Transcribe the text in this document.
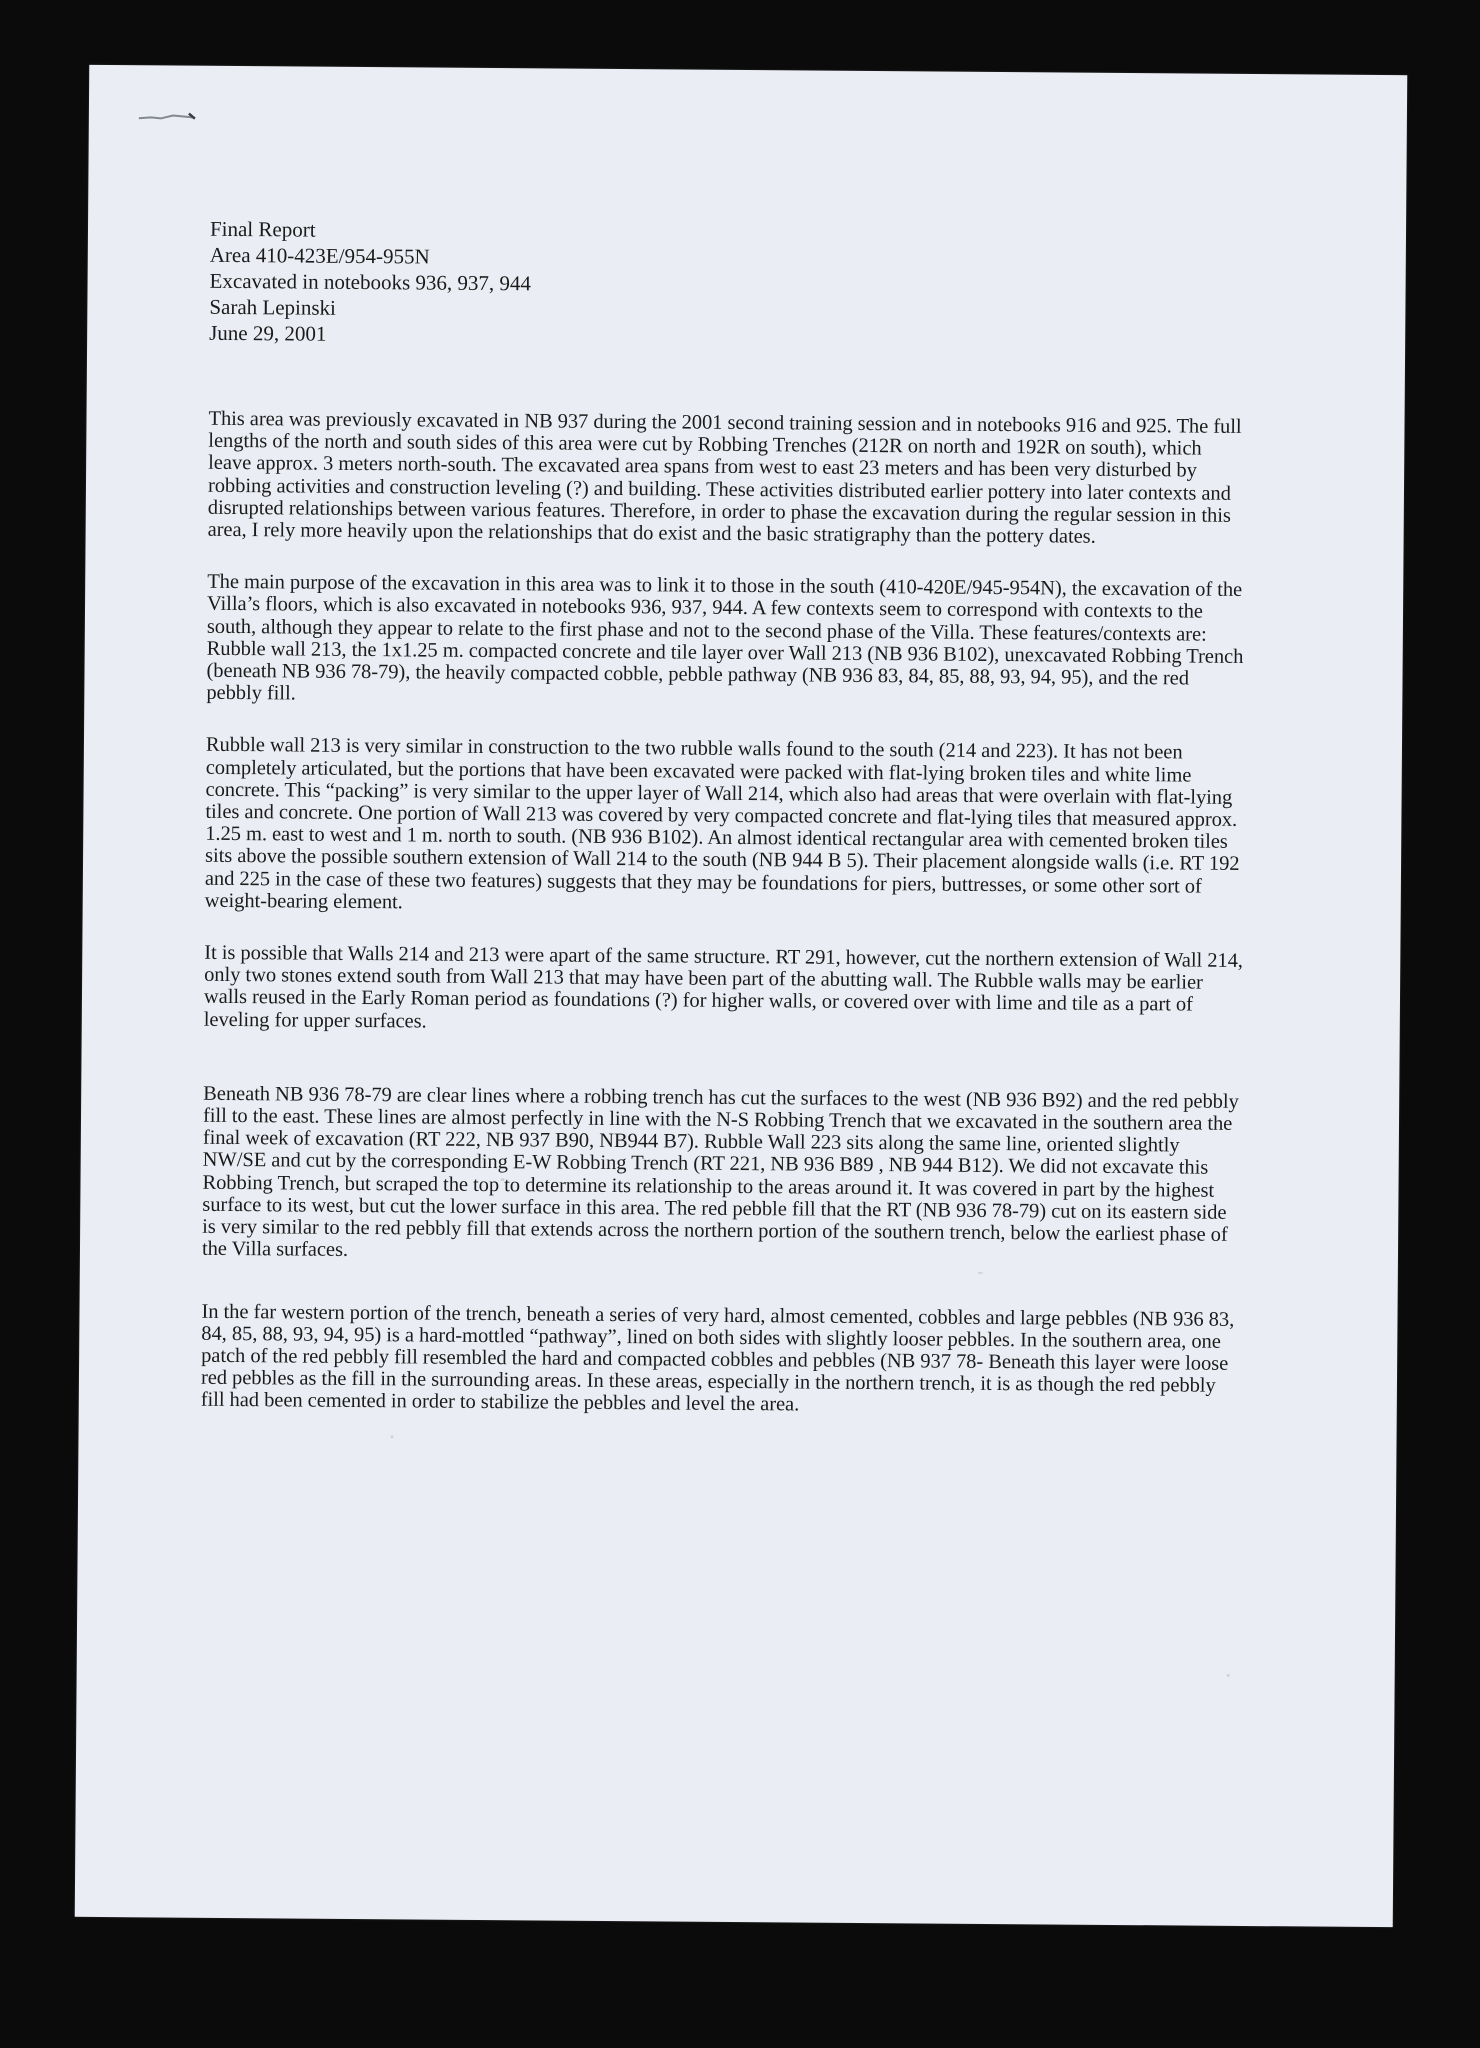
Final Report

Area 410-423E/954-955N

Excavated in notebooks 936, 937, 944

Sarah Lepinski

June 29, 2001

This area was previously excavated in NB 937 during the 2001 second training session and in notebooks 916 and 925. The full lengths of the north and south sides of this area were cut by Robbing Trenches (212R on north and 192R on south), which leave approx. 3 meters north-south. The excavated area spans from west to east 23 meters and has been very disturbed by robbing activities and construction leveling (?) and building. These activities distributed earlier pottery into later contexts and disrupted relationships between various features. Therefore, in order to phase the excavation during the regular session in this area, I rely more heavily upon the relationships that do exist and the basic stratigraphy than the pottery dates.

The main purpose of the excavation in this area was to link it to those in the south (410-420E/945-954N), the excavation of the Villa’s floors, which is also excavated in notebooks 936, 937, 944. A few contexts seem to correspond with contexts to the south, although they appear to relate to the first phase and not to the second phase of the Villa. These features/contexts are: Rubble wall 213, the 1x1.25 m. compacted concrete and tile layer over Wall 213 (NB 936 B102), unexcavated Robbing Trench (beneath NB 936 78-79), the heavily compacted cobble, pebble pathway (NB 936 83, 84, 85, 88, 93, 94, 95), and the red pebbly fill.

Rubble wall 213 is very similar in construction to the two rubble walls found to the south (214 and 223). It has not been completely articulated, but the portions that have been excavated were packed with flat-lying broken tiles and white lime concrete. This “packing” is very similar to the upper layer of Wall 214, which also had areas that were overlain with flat-lying tiles and concrete. One portion of Wall 213 was covered by very compacted concrete and flat-lying tiles that measured approx. 1.25 m. east to west and 1 m. north to south. (NB 936 B102). An almost identical rectangular area with cemented broken tiles sits above the possible southern extension of Wall 214 to the south (NB 944 B 5). Their placement alongside walls (i.e. RT 192 and 225 in the case of these two features) suggests that they may be foundations for piers, buttresses, or some other sort of weight-bearing element.

It is possible that Walls 214 and 213 were apart of the same structure. RT 291, however, cut the northern extension of Wall 214, only two stones extend south from Wall 213 that may have been part of the abutting wall. The Rubble walls may be earlier walls reused in the Early Roman period as foundations (?) for higher walls, or covered over with lime and tile as a part of leveling for upper surfaces.

Beneath NB 936 78-79 are clear lines where a robbing trench has cut the surfaces to the west (NB 936 B92) and the red pebbly fill to the east. These lines are almost perfectly in line with the N-S Robbing Trench that we excavated in the southern area the final week of excavation (RT 222, NB 937 B90, NB944 B7). Rubble Wall 223 sits along the same line, oriented slightly NW/SE and cut by the corresponding E-W Robbing Trench (RT 221, NB 936 B89 , NB 944 B12). We did not excavate this Robbing Trench, but scraped the top to determine its relationship to the areas around it. It was covered in part by the highest surface to its west, but cut the lower surface in this area. The red pebble fill that the RT (NB 936 78-79) cut on its eastern side is very similar to the red pebbly fill that extends across the northern portion of the southern trench, below the earliest phase of the Villa surfaces.

In the far western portion of the trench, beneath a series of very hard, almost cemented, cobbles and large pebbles (NB 936 83, 84, 85, 88, 93, 94, 95) is a hard-mottled “pathway”, lined on both sides with slightly looser pebbles. In the southern area, one patch of the red pebbly fill resembled the hard and compacted cobbles and pebbles (NB 937 78- Beneath this layer were loose red pebbles as the fill in the surrounding areas. In these areas, especially in the northern trench, it is as though the red pebbly fill had been cemented in order to stabilize the pebbles and level the area.
